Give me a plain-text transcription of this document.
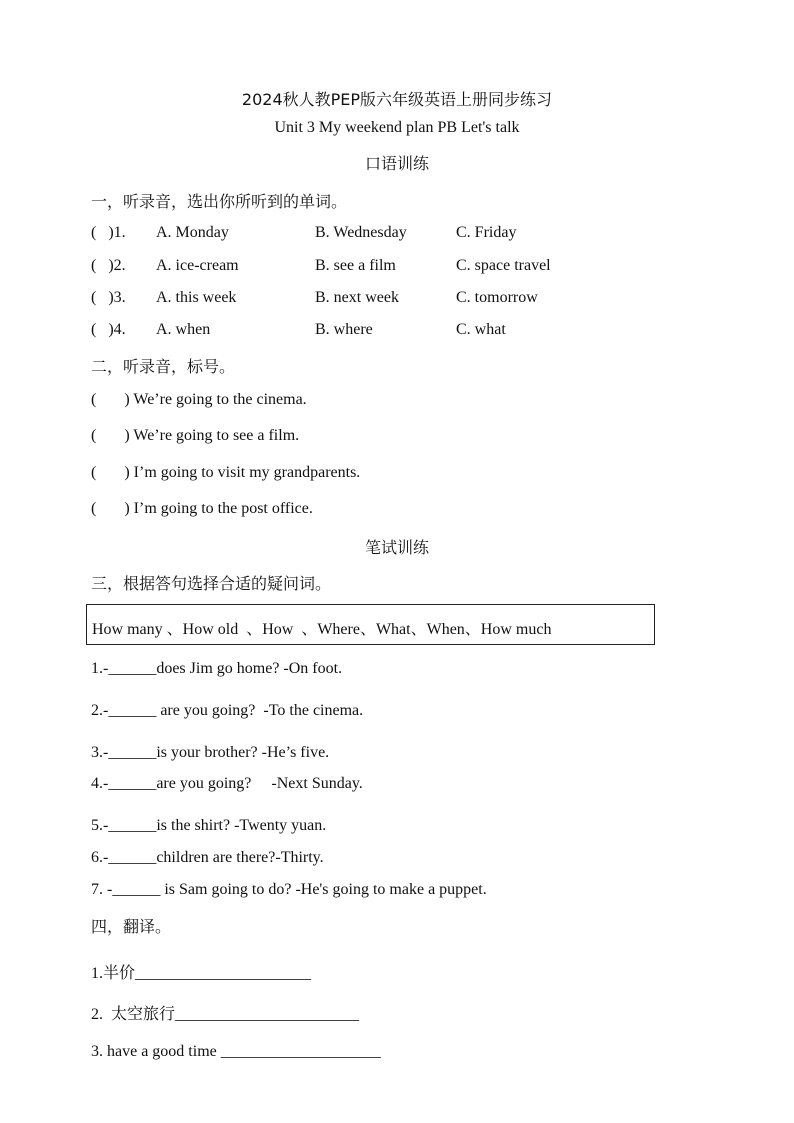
2024秋人教PEP版六年级英语上册同步练习
Unit 3 My weekend plan PB Let's talk
口语训练
一，听录音，选出你所听到的单词。
(   )1. A. Monday	B. Wednesday	C. Friday
(   )2. A. ice-cream	B. see a film	C. space travel
(   )3. A. this week	B. next week	C. tomorrow
(   )4. A. when	B. where	C. what
二，听录音，标号。
(       ) We’re going to the cinema.
(       ) We’re going to see a film.
(       ) I’m going to visit my grandparents.
(       ) I’m going to the post office.
笔试训练
三，根据答句选择合适的疑问词。
How many 、How old  、How  、Where、What、When、How much
1.-______does Jim go home? -On foot.
2.-______ are you going?  -To the cinema.
3.-______is your brother? -He’s five.
4.-______are you going?     -Next Sunday.
5.-______is the shirt? -Twenty yuan.
6.-______children are there?-Thirty.
7. -______ is Sam going to do? -He's going to make a puppet.
四，翻译。
1.半价______________________
2.  太空旅行_______________________
3. have a good time ____________________
